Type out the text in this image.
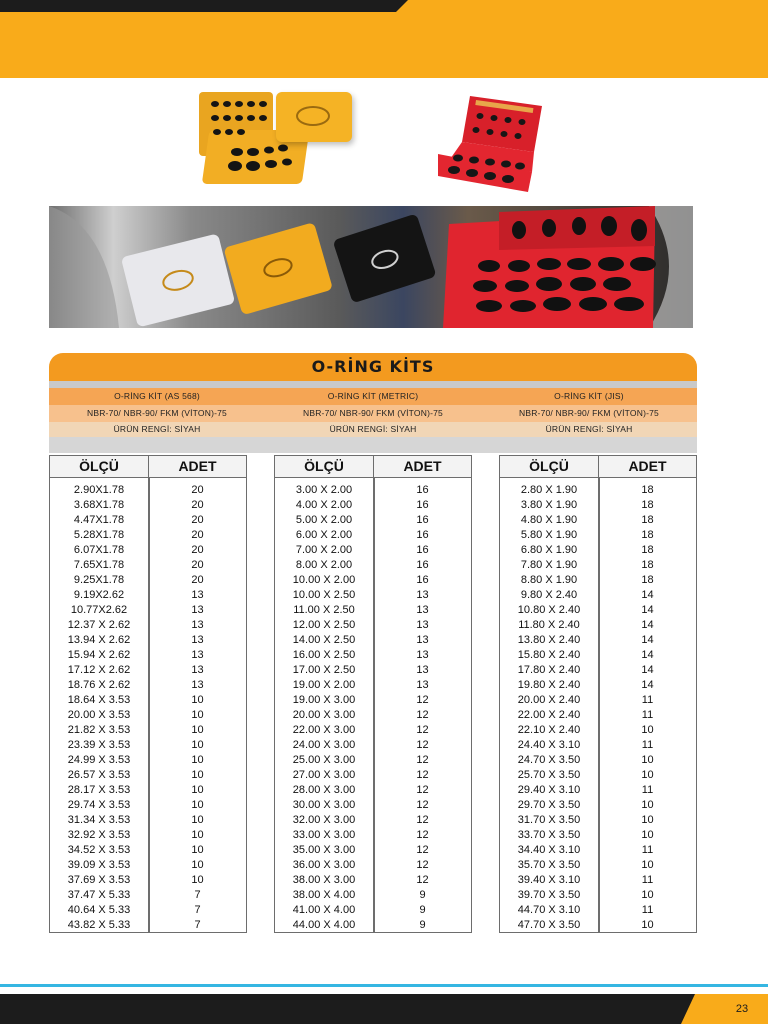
O-RİNG KİTS
O-RİNG KİT (AS 568)	O-RİNG KİT (METRIC)	O-RİNG KİT (JIS)
NBR-70/ NBR-90/ FKM (VİTON)-75	NBR-70/ NBR-90/ FKM (VİTON)-75	NBR-70/ NBR-90/ FKM (VİTON)-75
ÜRÜN RENGİ: SİYAH	ÜRÜN RENGİ: SİYAH	ÜRÜN RENGİ: SİYAH
ÖLÇÜ	ADET
2.90X1.78	20
3.68X1.78	20
4.47X1.78	20
5.28X1.78	20
6.07X1.78	20
7.65X1.78	20
9.25X1.78	20
9.19X2.62	13
10.77X2.62	13
12.37 X 2.62	13
13.94 X 2.62	13
15.94 X 2.62	13
17.12 X 2.62	13
18.76 X 2.62	13
18.64 X 3.53	10
20.00 X 3.53	10
21.82 X 3.53	10
23.39 X 3.53	10
24.99 X 3.53	10
26.57 X 3.53	10
28.17 X 3.53	10
29.74 X 3.53	10
31.34 X 3.53	10
32.92 X 3.53	10
34.52 X 3.53	10
39.09 X 3.53	10
37.69 X 3.53	10
37.47 X 5.33	7
40.64 X 5.33	7
43.82 X 5.33	7
ÖLÇÜ	ADET
3.00 X 2.00	16
4.00 X 2.00	16
5.00 X 2.00	16
6.00 X 2.00	16
7.00 X 2.00	16
8.00 X 2.00	16
10.00 X 2.00	16
10.00 X 2.50	13
11.00 X 2.50	13
12.00 X 2.50	13
14.00 X 2.50	13
16.00 X 2.50	13
17.00 X 2.50	13
19.00 X 2.00	13
19.00 X 3.00	12
20.00 X 3.00	12
22.00 X 3.00	12
24.00 X 3.00	12
25.00 X 3.00	12
27.00 X 3.00	12
28.00 X 3.00	12
30.00 X 3.00	12
32.00 X 3.00	12
33.00 X 3.00	12
35.00 X 3.00	12
36.00 X 3.00	12
38.00 X 3.00	12
38.00 X 4.00	9
41.00 X 4.00	9
44.00 X 4.00	9
ÖLÇÜ	ADET
2.80 X 1.90	18
3.80 X 1.90	18
4.80 X 1.90	18
5.80 X 1.90	18
6.80 X 1.90	18
7.80 X 1.90	18
8.80 X 1.90	18
9.80 X 2.40	14
10.80 X 2.40	14
11.80 X 2.40	14
13.80 X 2.40	14
15.80 X 2.40	14
17.80 X 2.40	14
19.80 X 2.40	14
20.00 X 2.40	11
22.00 X 2.40	11
22.10 X 2.40	10
24.40 X 3.10	11
24.70 X 3.50	10
25.70 X 3.50	10
29.40 X 3.10	11
29.70 X 3.50	10
31.70 X 3.50	10
33.70 X 3.50	10
34.40 X 3.10	11
35.70 X 3.50	10
39.40 X 3.10	11
39.70 X 3.50	10
44.70 X 3.10	11
47.70 X 3.50	10
23
